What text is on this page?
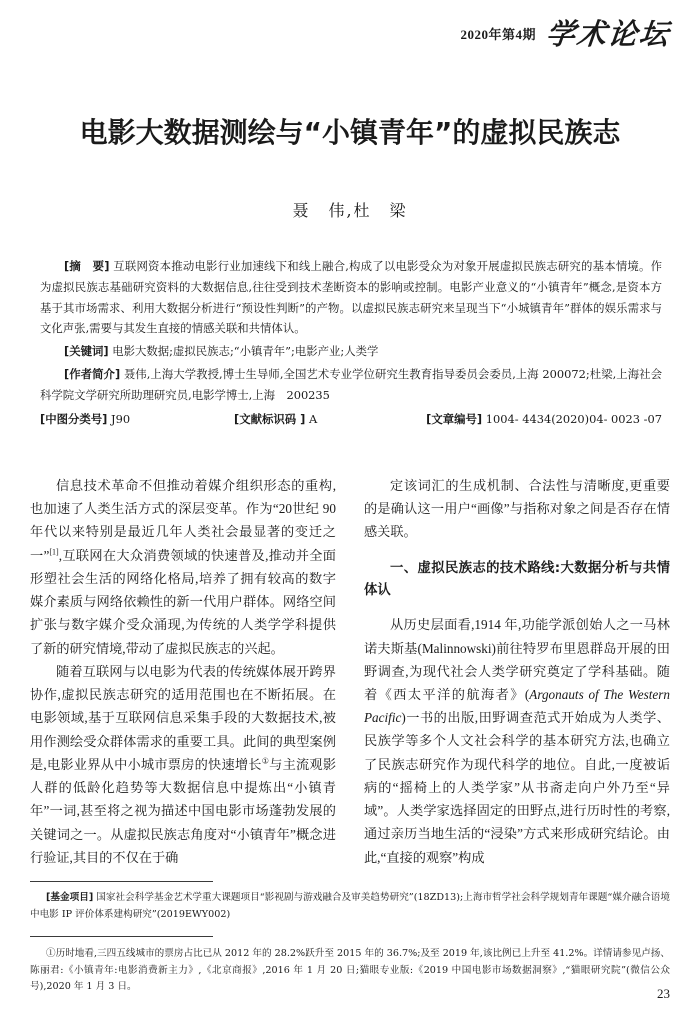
2020年第4期 学术论坛
电影大数据测绘与“小镇青年”的虚拟民族志
聂　伟,杜　梁
[摘　要] 互联网资本推动电影行业加速线下和线上融合,构成了以电影受众为对象开展虚拟民族志研究的基本情境。作为虚拟民族志基础研究资料的大数据信息,往往受到技术垄断资本的影响或控制。电影产业意义的“小镇青年”概念,是资本方基于其市场需求、利用大数据分析进行“预设性判断”的产物。以虚拟民族志研究来呈现当下“小城镇青年”群体的娱乐需求与文化声张,需要与其发生直接的情感关联和共情体认。
[关键词] 电影大数据;虚拟民族志;“小镇青年”;电影产业;人类学
[作者简介] 聂伟,上海大学教授,博士生导师,全国艺术专业学位研究生教育指导委员会委员,上海 200072;杜梁,上海社会科学院文学研究所助理研究员,电影学博士,上海　200235
[中图分类号] J90	[文献标识码 ] A	[文章编号] 1004- 4434(2020)04- 0023 -07

信息技术革命不但推动着媒介组织形态的重构,也加速了人类生活方式的深层变革。作为“20世纪 90 年代以来特别是最近几年人类社会最显著的变迁之一”[1],互联网在大众消费领域的快速普及,推动并全面形塑社会生活的网络化格局,培养了拥有较高的数字媒介素质与网络依赖性的新一代用户群体。网络空间扩张与数字媒介受众涌现,为传统的人类学学科提供了新的研究情境,带动了虚拟民族志的兴起。

随着互联网与以电影为代表的传统媒体展开跨界协作,虚拟民族志研究的适用范围也在不断拓展。在电影领域,基于互联网信息采集手段的大数据技术,被用作测绘受众群体需求的重要工具。此间的典型案例是,电影业界从中小城市票房的快速增长①与主流观影人群的低龄化趋势等大数据信息中提炼出“小镇青年”一词,甚至将之视为描述中国电影市场蓬勃发展的关键词之一。从虚拟民族志角度对“小镇青年”概念进行验证,其目的不仅在于确

定该词汇的生成机制、合法性与清晰度,更重要的是确认这一用户“画像”与指称对象之间是否存在情感关联。

一、虚拟民族志的技术路线:大数据分析与共情体认

从历史层面看,1914 年,功能学派创始人之一马林诺夫斯基(Malinnowski)前往特罗布里恩群岛开展的田野调查,为现代社会人类学研究奠定了学科基础。随着《西太平洋的航海者》(Argonauts of The Western Pacific)一书的出版,田野调查范式开始成为人类学、民族学等多个人文社会科学的基本研究方法,也确立了民族志研究作为现代科学的地位。自此,一度被诟病的“摇椅上的人类学家”从书斋走向户外乃至“异域”。人类学家选择固定的田野点,进行历时性的考察,通过亲历当地生活的“浸染”方式来形成研究结论。由此,“直接的观察”构成

[基金项目] 国家社会科学基金艺术学重大课题项目“影视剧与游戏融合及审美趋势研究”(18ZD13);上海市哲学社会科学规划青年课题“媒介融合语境中电影 IP 评价体系建构研究”(2019EWY002)
①历时地看,三四五线城市的票房占比已从 2012 年的 28.2%跃升至 2015 年的 36.7%;及至 2019 年,该比例已上升至 41.2%。详情请参见卢扬、陈丽君:《小镇青年:电影消费新主力》,《北京商报》,2016 年 1 月 20 日;猫眼专业版:《2019 中国电影市场数据洞察》,“猫眼研究院”(微信公众号),2020 年 1 月 3 日。	23
